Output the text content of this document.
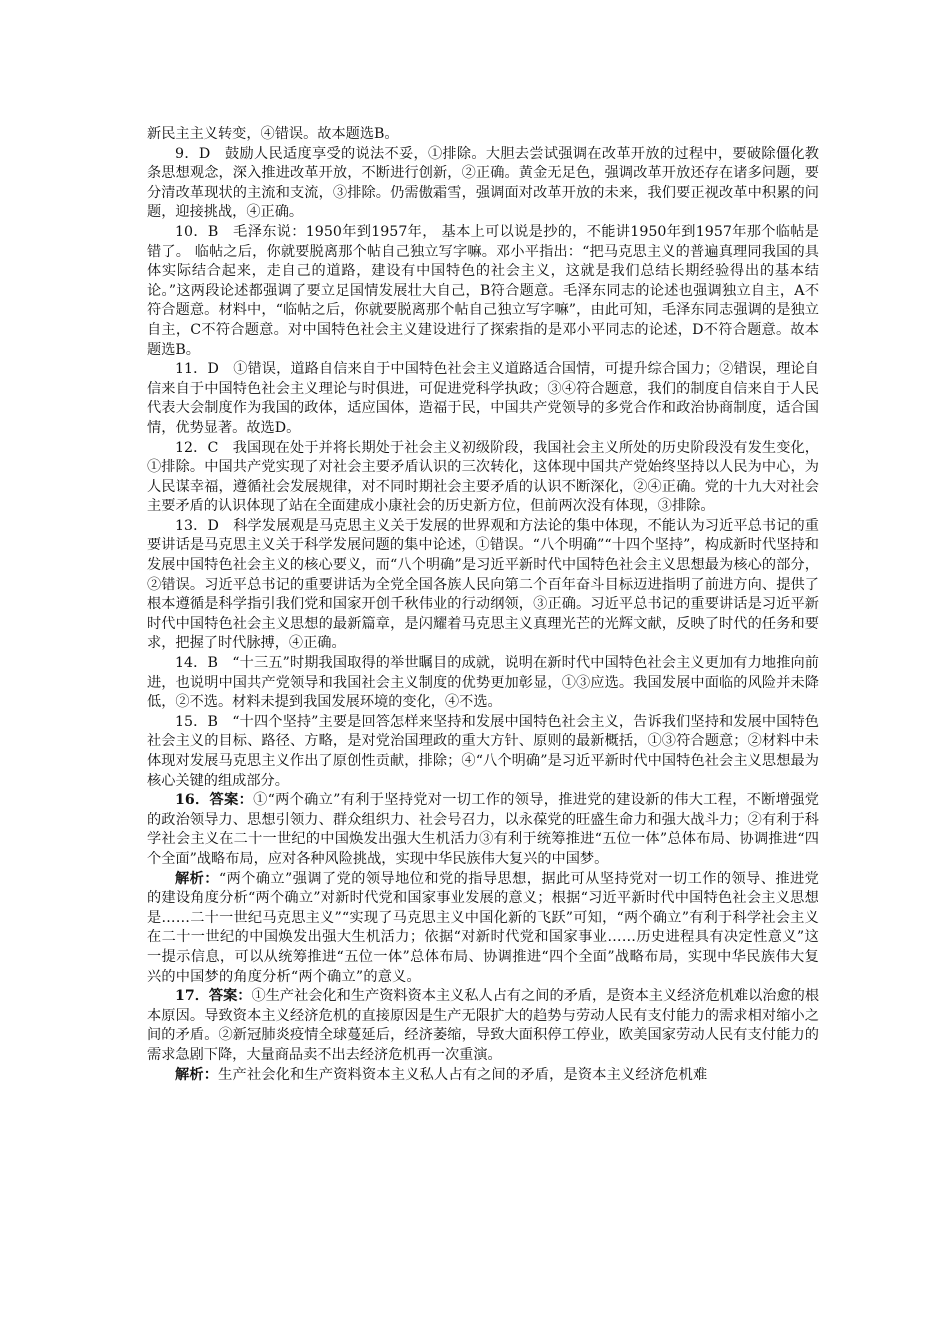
新民主主义转变，④错误。故本题选B。

9．D　鼓励人民适度享受的说法不妥，①排除。大胆去尝试强调在改革开放的过程中，要破除僵化教条思想观念，深入推进改革开放，不断进行创新，②正确。黄金无足色，强调改革开放还存在诸多问题，要分清改革现状的主流和支流，③排除。仍需傲霜雪，强调面对改革开放的未来，我们要正视改革中积累的问题，迎接挑战，④正确。

10．B　毛泽东说：1950年到1957年， 基本上可以说是抄的，不能讲1950年到1957年那个临帖是错了。 临帖之后，你就要脱离那个帖自己独立写字嘛。邓小平指出：“把马克思主义的普遍真理同我国的具体实际结合起来，走自己的道路，建设有中国特色的社会主义，这就是我们总结长期经验得出的基本结论。”这两段论述都强调了要立足国情发展壮大自己，B符合题意。毛泽东同志的论述也强调独立自主，A不符合题意。材料中，“临帖之后，你就要脱离那个帖自己独立写字嘛”，由此可知，毛泽东同志强调的是独立自主，C不符合题意。对中国特色社会主义建设进行了探索指的是邓小平同志的论述，D不符合题意。故本题选B。

11．D　①错误，道路自信来自于中国特色社会主义道路适合国情，可提升综合国力；②错误，理论自信来自于中国特色社会主义理论与时俱进，可促进党科学执政；③④符合题意，我们的制度自信来自于人民代表大会制度作为我国的政体，适应国体，造福于民，中国共产党领导的多党合作和政治协商制度，适合国情，优势显著。故选D。

12．C　我国现在处于并将长期处于社会主义初级阶段，我国社会主义所处的历史阶段没有发生变化，①排除。中国共产党实现了对社会主要矛盾认识的三次转化，这体现中国共产党始终坚持以人民为中心，为人民谋幸福，遵循社会发展规律，对不同时期社会主要矛盾的认识不断深化，②④正确。党的十九大对社会主要矛盾的认识体现了站在全面建成小康社会的历史新方位，但前两次没有体现，③排除。

13．D　科学发展观是马克思主义关于发展的世界观和方法论的集中体现，不能认为习近平总书记的重要讲话是马克思主义关于科学发展问题的集中论述，①错误。“八个明确”“十四个坚持”，构成新时代坚持和发展中国特色社会主义的核心要义，而“八个明确”是习近平新时代中国特色社会主义思想最为核心的部分，②错误。习近平总书记的重要讲话为全党全国各族人民向第二个百年奋斗目标迈进指明了前进方向、提供了根本遵循是科学指引我们党和国家开创千秋伟业的行动纲领，③正确。习近平总书记的重要讲话是习近平新时代中国特色社会主义思想的最新篇章，是闪耀着马克思主义真理光芒的光辉文献，反映了时代的任务和要求，把握了时代脉搏，④正确。

14．B　“十三五”时期我国取得的举世瞩目的成就，说明在新时代中国特色社会主义更加有力地推向前进，也说明中国共产党领导和我国社会主义制度的优势更加彰显，①③应选。我国发展中面临的风险并未降低，②不选。材料未提到我国发展环境的变化，④不选。

15．B　“十四个坚持”主要是回答怎样来坚持和发展中国特色社会主义，告诉我们坚持和发展中国特色社会主义的目标、路径、方略，是对党治国理政的重大方针、原则的最新概括，①③符合题意；②材料中未体现对发展马克思主义作出了原创性贡献，排除；④“八个明确”是习近平新时代中国特色社会主义思想最为核心关键的组成部分。

16．答案：①“两个确立”有利于坚持党对一切工作的领导，推进党的建设新的伟大工程，不断增强党的政治领导力、思想引领力、群众组织力、社会号召力，以永葆党的旺盛生命力和强大战斗力；②有利于科学社会主义在二十一世纪的中国焕发出强大生机活力③有利于统筹推进“五位一体”总体布局、协调推进“四个全面”战略布局，应对各种风险挑战，实现中华民族伟大复兴的中国梦。

解析：“两个确立”强调了党的领导地位和党的指导思想，据此可从坚持党对一切工作的领导、推进党的建设角度分析“两个确立”对新时代党和国家事业发展的意义；根据“习近平新时代中国特色社会主义思想是……二十一世纪马克思主义”“实现了马克思主义中国化新的飞跃”可知，“两个确立”有利于科学社会主义在二十一世纪的中国焕发出强大生机活力；依据“对新时代党和国家事业……历史进程具有决定性意义”这一提示信息，可以从统筹推进“五位一体”总体布局、协调推进“四个全面”战略布局，实现中华民族伟大复兴的中国梦的角度分析“两个确立”的意义。

17．答案：①生产社会化和生产资料资本主义私人占有之间的矛盾，是资本主义经济危机难以治愈的根本原因。导致资本主义经济危机的直接原因是生产无限扩大的趋势与劳动人民有支付能力的需求相对缩小之间的矛盾。②新冠肺炎疫情全球蔓延后，经济萎缩，导致大面积停工停业，欧美国家劳动人民有支付能力的需求急剧下降，大量商品卖不出去经济危机再一次重演。

解析：生产社会化和生产资料资本主义私人占有之间的矛盾，是资本主义经济危机难
